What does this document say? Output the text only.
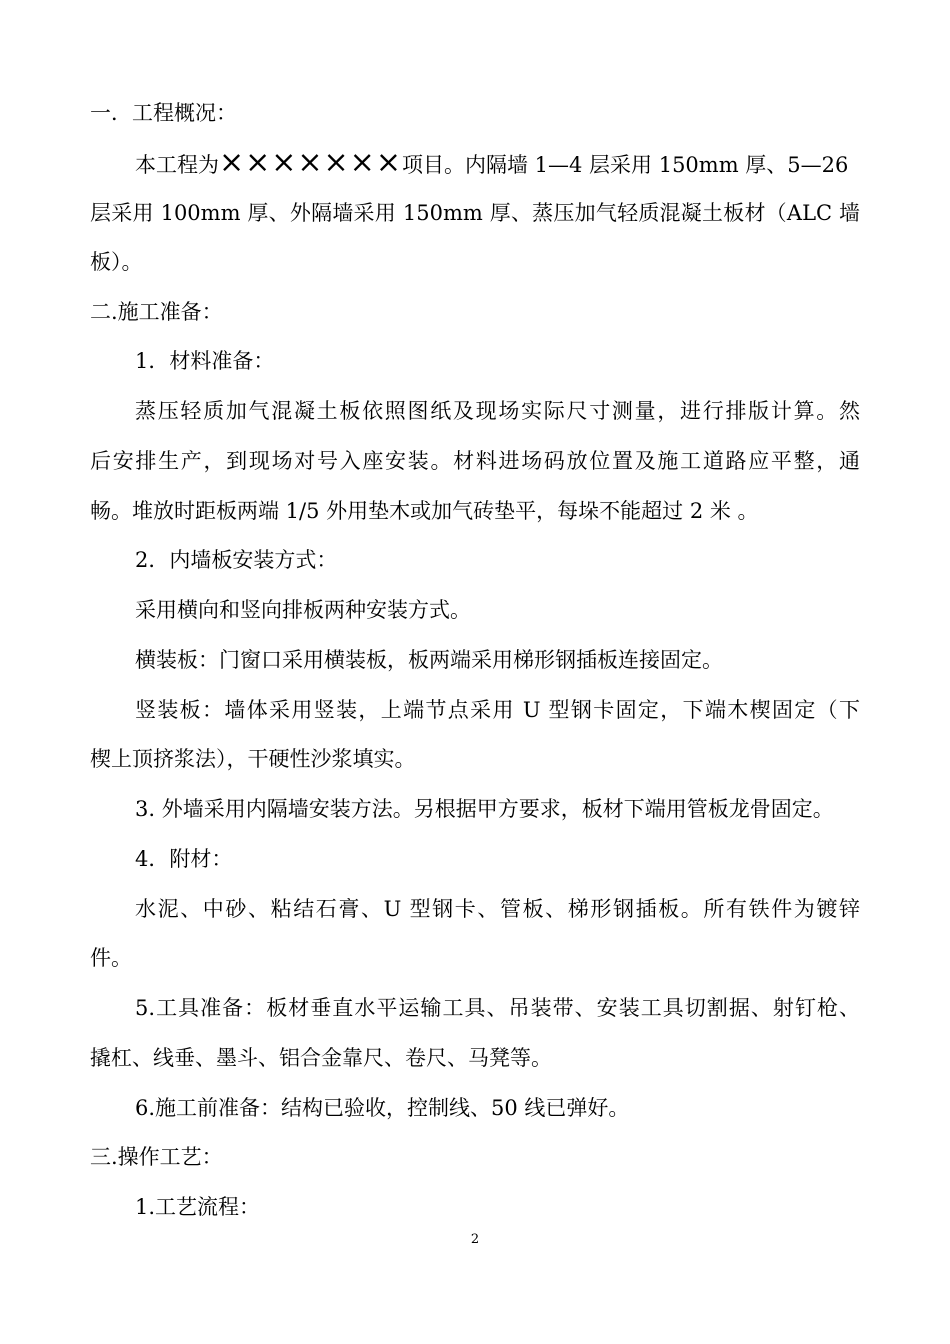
一．工程概况：
本工程为×××××××项目。内隔墙 1—4 层采用 150mm 厚、5—26
层采用 100mm 厚、外隔墙采用 150mm 厚、蒸压加气轻质混凝土板材（ALC 墙
板）。
二.施工准备：
1．材料准备：
蒸压轻质加气混凝土板依照图纸及现场实际尺寸测量，进行排版计算。然
后安排生产，到现场对号入座安装。材料进场码放位置及施工道路应平整，通
畅。堆放时距板两端 1/5 外用垫木或加气砖垫平，每垛不能超过 2 米 。
2．内墙板安装方式：
采用横向和竖向排板两种安装方式。
横装板：门窗口采用横装板，板两端采用梯形钢插板连接固定。
竖装板：墙体采用竖装，上端节点采用 U 型钢卡固定，下端木楔固定（下
楔上顶挤浆法），干硬性沙浆填实。
3. 外墙采用内隔墙安装方法。另根据甲方要求，板材下端用管板龙骨固定。
4．附材：
水泥、中砂、粘结石膏、U 型钢卡、管板、梯形钢插板。所有铁件为镀锌
件。
5.工具准备：板材垂直水平运输工具、吊装带、安装工具切割据、射钉枪、
撬杠、线垂、墨斗、铝合金靠尺、卷尺、马凳等。
6.施工前准备：结构已验收，控制线、50 线已弹好。
三.操作工艺：
1.工艺流程：
2
